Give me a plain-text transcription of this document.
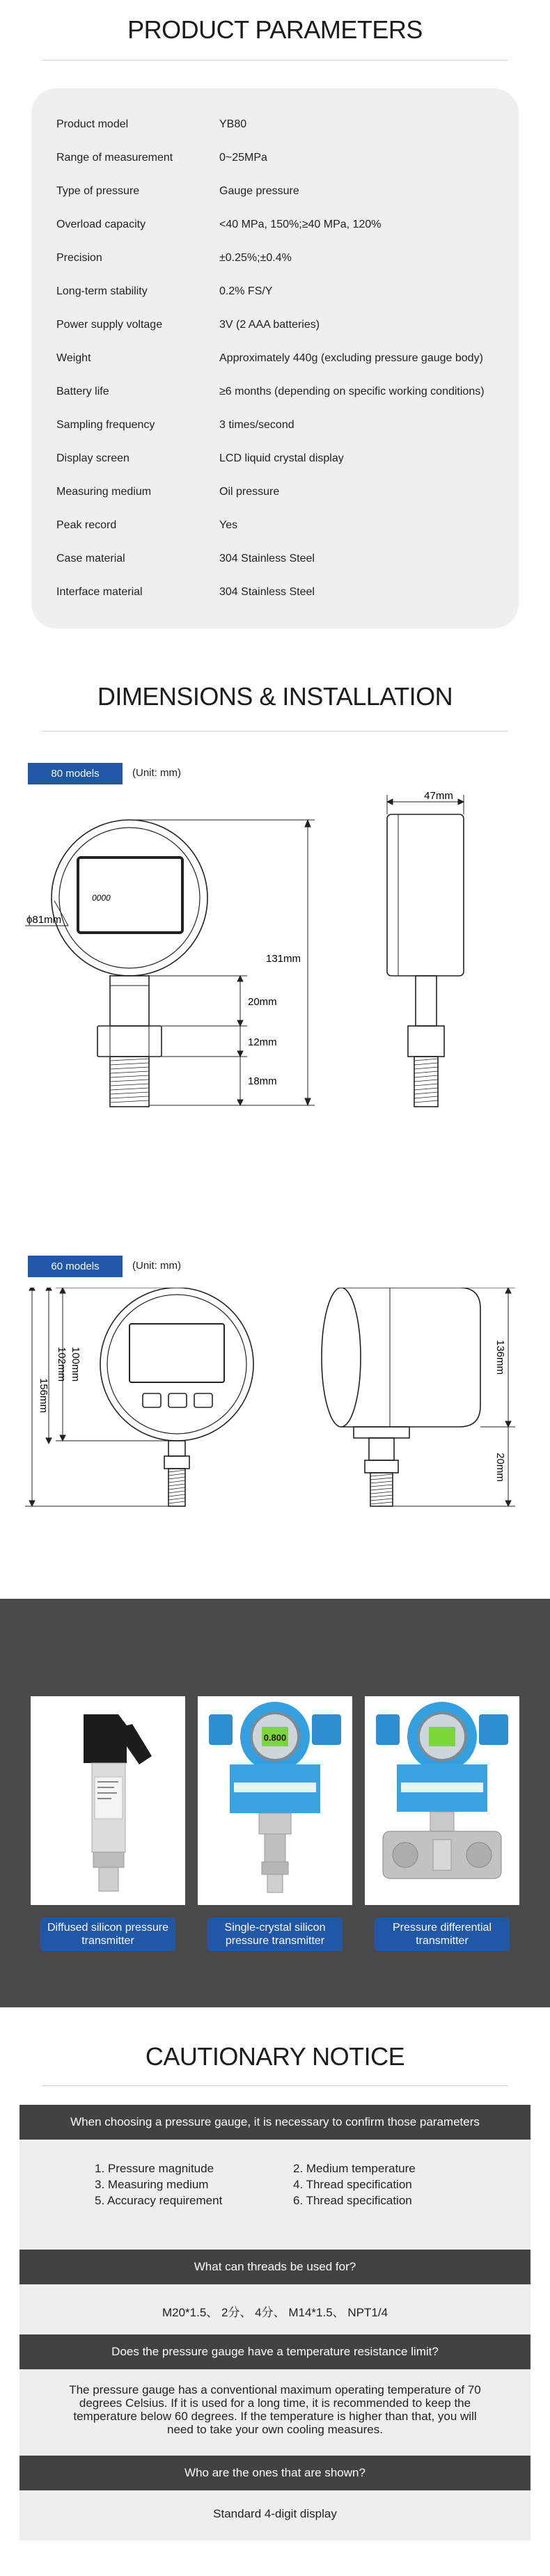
PRODUCT PARAMETERS
Product model	YB80
Range of measurement	0~25MPa
Type of pressure	Gauge pressure
Overload capacity	<40 MPa, 150%;≥40 MPa, 120%
Precision	±0.25%;±0.4%
Long-term stability	0.2% FS/Y
Power supply voltage	3V (2 AAA batteries)
Weight	Approximately 440g (excluding pressure gauge body)
Battery life	≥6 months (depending on specific working conditions)
Sampling frequency	3 times/second
Display screen	LCD liquid crystal display
Measuring medium	Oil pressure
Peak record	Yes
Case material	304 Stainless Steel
Interface material	304 Stainless Steel
DIMENSIONS & INSTALLATION
80 models	(Unit: mm)
0000
ϕ81mm
131mm
20mm
12mm
18mm
47mm
60 models	(Unit: mm)
100mm
102mm
156mm
136mm
20mm
0.800
Diffused silicon pressure transmitter
Single-crystal silicon pressure transmitter
Pressure differential transmitter
CAUTIONARY NOTICE
When choosing a pressure gauge, it is necessary to confirm those parameters
1. Pressure magnitude	2. Medium temperature
3. Measuring medium	4. Thread specification
5. Accuracy requirement	6. Thread specification
What can threads be used for?
M20*1.5、 2分、 4分、 M14*1.5、 NPT1/4
Does the pressure gauge have a temperature resistance limit?
The pressure gauge has a conventional maximum operating temperature of 70 degrees Celsius. If it is used for a long time, it is recommended to keep the temperature below 60 degrees. If the temperature is higher than that, you will need to take your own cooling measures.
Who are the ones that are shown?
Standard 4-digit display
